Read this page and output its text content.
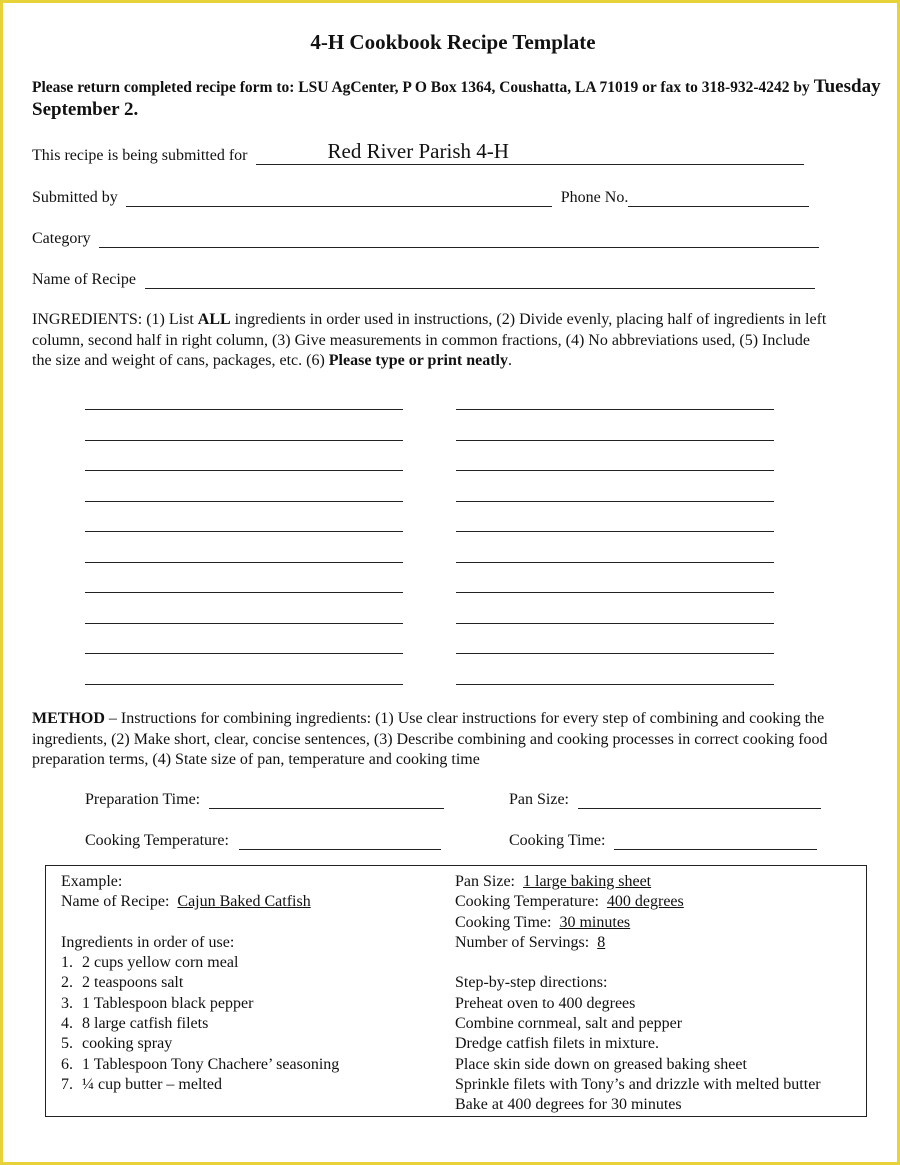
4-H Cookbook Recipe Template
Please return completed recipe form to: LSU AgCenter, P O Box 1364, Coushatta, LA 71019 or fax to 318-932-4242 by Tuesday September 2.
This recipe is being submitted for	Red River Parish 4-H
Submitted by	Phone No.
Category
Name of Recipe
INGREDIENTS: (1) List ALL ingredients in order used in instructions, (2) Divide evenly, placing half of ingredients in left column, second half in right column, (3) Give measurements in common fractions, (4) No abbreviations used, (5) Include the size and weight of cans, packages, etc. (6) Please type or print neatly.
METHOD – Instructions for combining ingredients: (1) Use clear instructions for every step of combining and cooking the ingredients, (2) Make short, clear, concise sentences, (3) Describe combining and cooking processes in correct cooking food preparation terms, (4) State size of pan, temperature and cooking time
Preparation Time:	Pan Size:
Cooking Temperature:	Cooking Time:
Example:
Name of Recipe: Cajun Baked Catfish
Ingredients in order of use:
1. 2 cups yellow corn meal
2. 2 teaspoons salt
3. 1 Tablespoon black pepper
4. 8 large catfish filets
5. cooking spray
6. 1 Tablespoon Tony Chachere’ seasoning
7. ¼ cup butter – melted
Pan Size: 1 large baking sheet
Cooking Temperature: 400 degrees
Cooking Time: 30 minutes
Number of Servings: 8
Step-by-step directions:
Preheat oven to 400 degrees
Combine cornmeal, salt and pepper
Dredge catfish filets in mixture.
Place skin side down on greased baking sheet
Sprinkle filets with Tony’s and drizzle with melted butter
Bake at 400 degrees for 30 minutes
